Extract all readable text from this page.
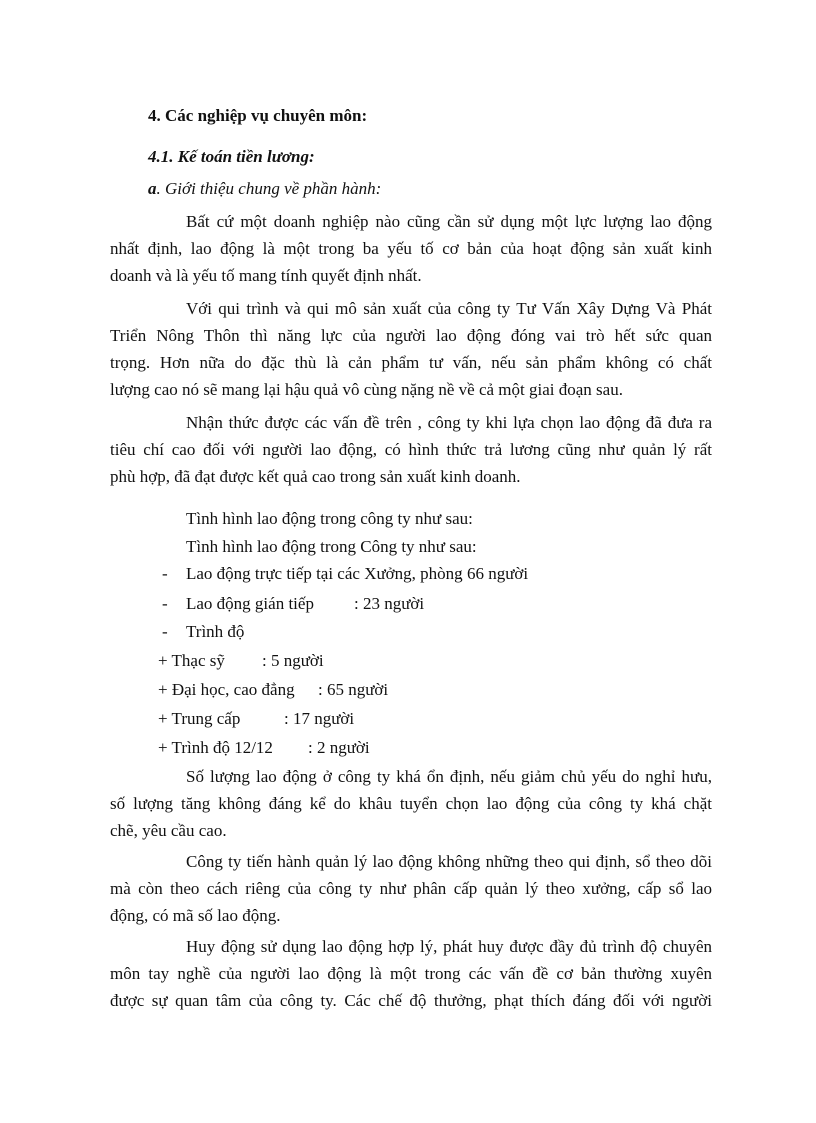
4. Các nghiệp vụ chuyên môn:
4.1. Kế toán tiền lương:
a. Giới thiệu chung về phần hành:
Bất cứ một doanh nghiệp nào cũng cần sử dụng một lực lượng lao động
nhất định, lao động là một trong ba yếu tố cơ bản của hoạt động sản xuất kinh
doanh và là yếu tố mang tính quyết định nhất.
Với qui trình và qui mô sản xuất của công ty Tư Vấn Xây Dựng Và Phát
Triển Nông Thôn thì năng lực của người lao động đóng vai trò hết sức quan
trọng. Hơn nữa do đặc thù là cản phẩm tư vấn, nếu sản phẩm không có chất
lượng cao nó sẽ mang lại hậu quả vô cùng nặng nề về cả một giai đoạn sau.
Nhận thức được các vấn đề trên , công ty khi lựa chọn lao động đã đưa ra
tiêu chí cao đối với người lao động, có hình thức trả lương cũng như quản lý rất
phù hợp, đã đạt được kết quả cao trong sản xuất kinh doanh.
Tình hình lao động trong công ty như sau:
Tình hình lao động trong Công ty như sau:
- Lao động trực tiếp tại các Xưởng, phòng
: 66 người
- Lao động gián tiếp : 23 người
- Trình độ
+ Thạc sỹ : 5 người
+ Đại học, cao đẳng : 65 người
+ Trung cấp	: 17 người
+ Trình độ 12/12 : 2 người
Số lượng lao động ở công ty khá ổn định, nếu giảm chủ yếu do nghỉ hưu,
số lượng tăng không đáng kể do khâu tuyển chọn lao động của công ty khá chặt
chẽ, yêu cầu cao.
Công ty tiến hành quản lý lao động không những theo qui định, sổ theo dõi
mà còn theo cách riêng của công ty như phân cấp quản lý theo xưởng, cấp sổ lao
động, có mã số lao động.
Huy động sử dụng lao động hợp lý, phát huy được đầy đủ trình độ chuyên
môn tay nghề của người lao động là một trong các vấn đề cơ bản thường xuyên
được sự quan tâm của công ty. Các chế độ thưởng, phạt thích đáng đối với người
